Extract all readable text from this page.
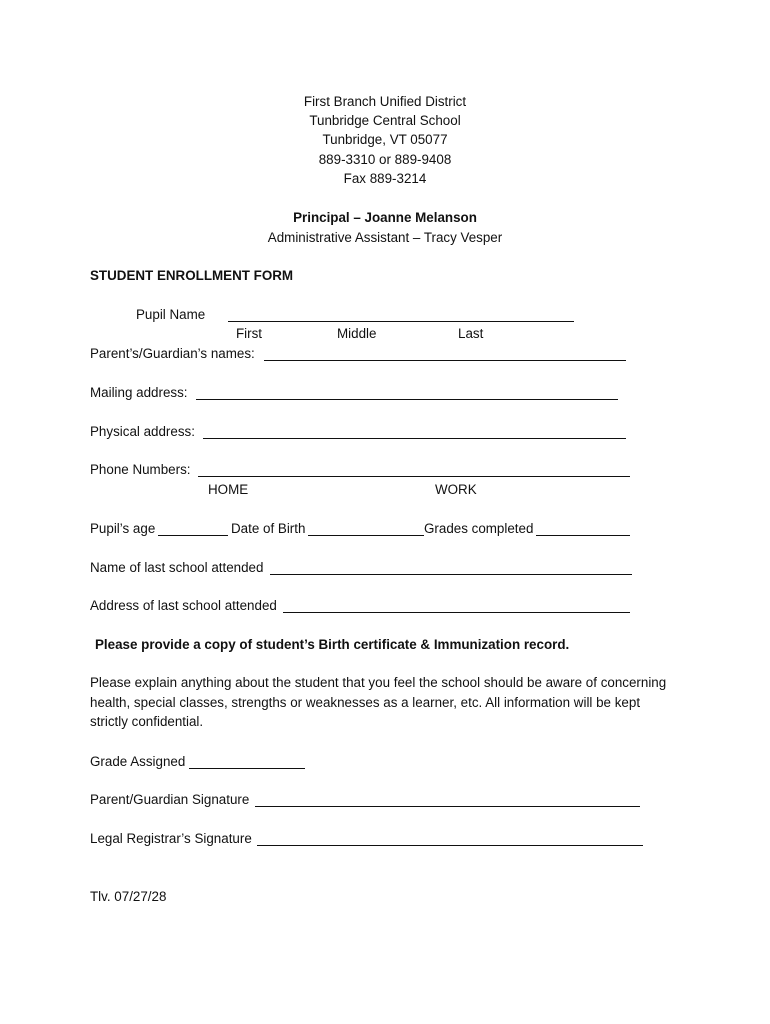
First Branch Unified District
Tunbridge Central School
Tunbridge, VT 05077
889-3310 or 889-9408
Fax 889-3214
Principal – Joanne Melanson
Administrative Assistant – Tracy Vesper
STUDENT ENROLLMENT FORM
Pupil Name
First	Middle	Last
Parent’s/Guardian’s names:
Mailing address:
Physical address:
Phone Numbers:
HOME	WORK
Pupil’s age	Date of Birth	Grades completed
Name of last school attended
Address of last school attended
Please provide a copy of student’s Birth certificate & Immunization record.
Please explain anything about the student that you feel the school should be aware of concerning health, special classes, strengths or weaknesses as a learner, etc. All information will be kept strictly confidential.
Grade Assigned
Parent/Guardian Signature
Legal Registrar’s Signature
Tlv. 07/27/28
